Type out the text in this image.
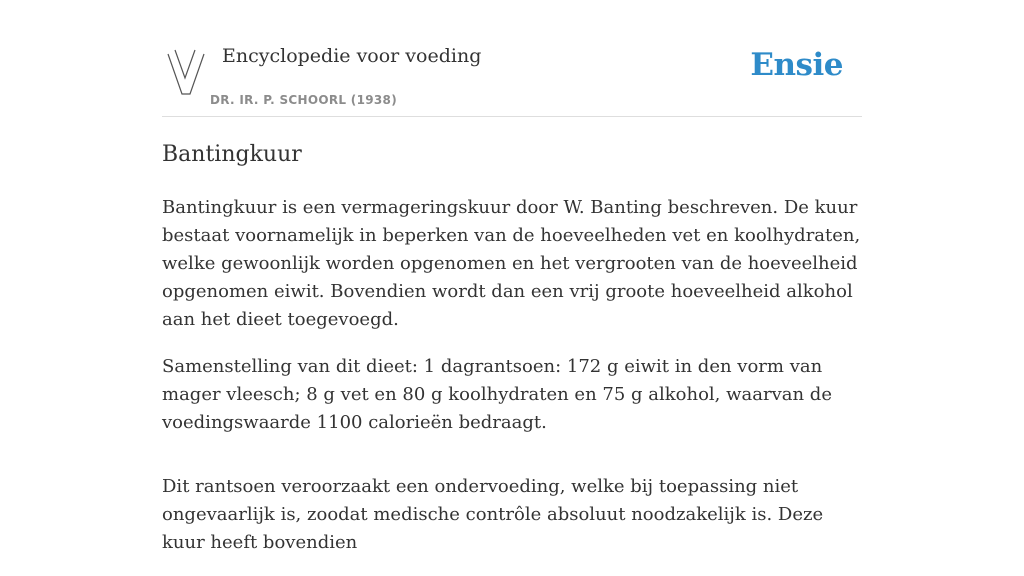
Encyclopedie voor voeding
DR. IR. P. SCHOORL (1938)
Ensie
Bantingkuur

Bantingkuur is een vermageringskuur door W. Banting beschreven. De kuur bestaat voornamelijk in beperken van de hoeveelheden vet en koolhydraten, welke gewoonlijk worden opgenomen en het vergrooten van de hoeveelheid opgenomen eiwit. Bovendien wordt dan een vrij groote hoeveelheid alkohol aan het dieet toegevoegd.

Samenstelling van dit dieet: 1 dagrantsoen: 172 g eiwit in den vorm van mager vleesch; 8 g vet en 80 g koolhydraten en 75 g alkohol, waarvan de voedingswaarde 1100 calorieën bedraagt.

Dit rantsoen veroorzaakt een ondervoeding, welke bij toepassing niet ongevaarlijk is, zoodat medische contrôle absoluut noodzakelijk is. Deze kuur heeft bovendien
